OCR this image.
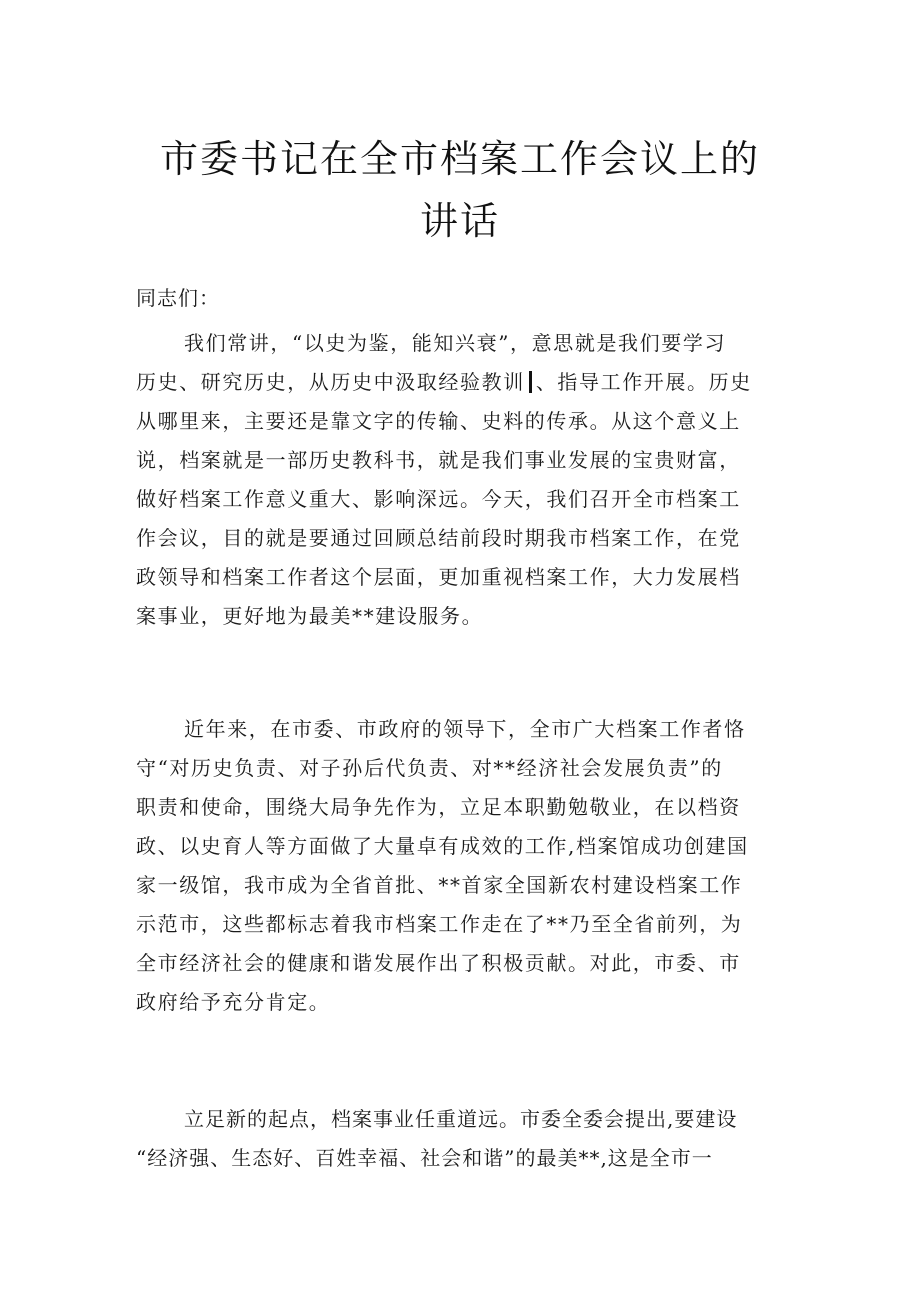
市委书记在全市档案工作会议上的
讲话
同志们：
我们常讲，“以史为鉴，能知兴衰”，意思就是我们要学习
历史、研究历史，从历史中汲取经验教训 、指导工作开展。历史
从哪里来，主要还是靠文字的传输、史料的传承。从这个意义上
说，档案就是一部历史教科书，就是我们事业发展的宝贵财富，
做好档案工作意义重大、影响深远。今天，我们召开全市档案工
作会议，目的就是要通过回顾总结前段时期我市档案工作，在党
政领导和档案工作者这个层面，更加重视档案工作，大力发展档
案事业，更好地为最美**建设服务。
近年来，在市委、市政府的领导下，全市广大档案工作者恪
守“对历史负责、对子孙后代负责、对**经济社会发展负责”的
职责和使命，围绕大局争先作为，立足本职勤勉敬业，在以档资
政、以史育人等方面做了大量卓有成效的工作,档案馆成功创建国
家一级馆，我市成为全省首批、**首家全国新农村建设档案工作
示范市，这些都标志着我市档案工作走在了**乃至全省前列，为
全市经济社会的健康和谐发展作出了积极贡献。对此，市委、市
政府给予充分肯定。
立足新的起点，档案事业任重道远。市委全委会提出,要建设
“经济强、生态好、百姓幸福、社会和谐”的最美**,这是全市一
